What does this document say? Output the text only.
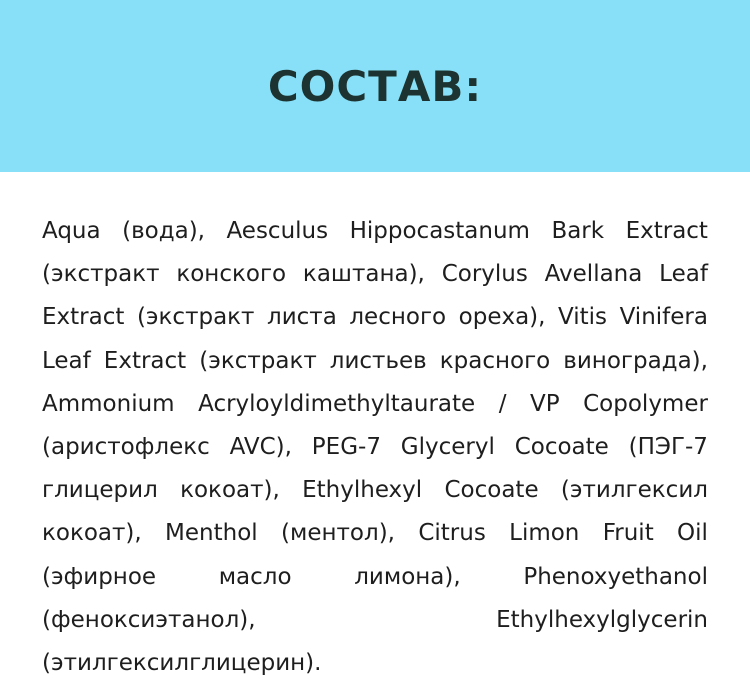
СОСТАВ:
Aqua (вода), Aesculus Hippocastanum Bark Extract
(экстракт конского каштана), Corylus Avellana Leaf
Extract (экстракт листа лесного ореха), Vitis Vinifera
Leaf Extract (экстракт листьев красного винограда),
Ammonium Acryloyldimethyltaurate / VP Copolymer
(аристофлекс AVC), PEG-7 Glyceryl Cocoate (ПЭГ-7
глицерил кокоат), Ethylhexyl Cocoate (этилгексил
кокоат), Menthol (ментол), Citrus Limon Fruit Oil
(эфирное	масло	лимона),	Phenoxyethanol
(феноксиэтанол),	Ethylhexylglycerin
(этилгексилглицерин).
